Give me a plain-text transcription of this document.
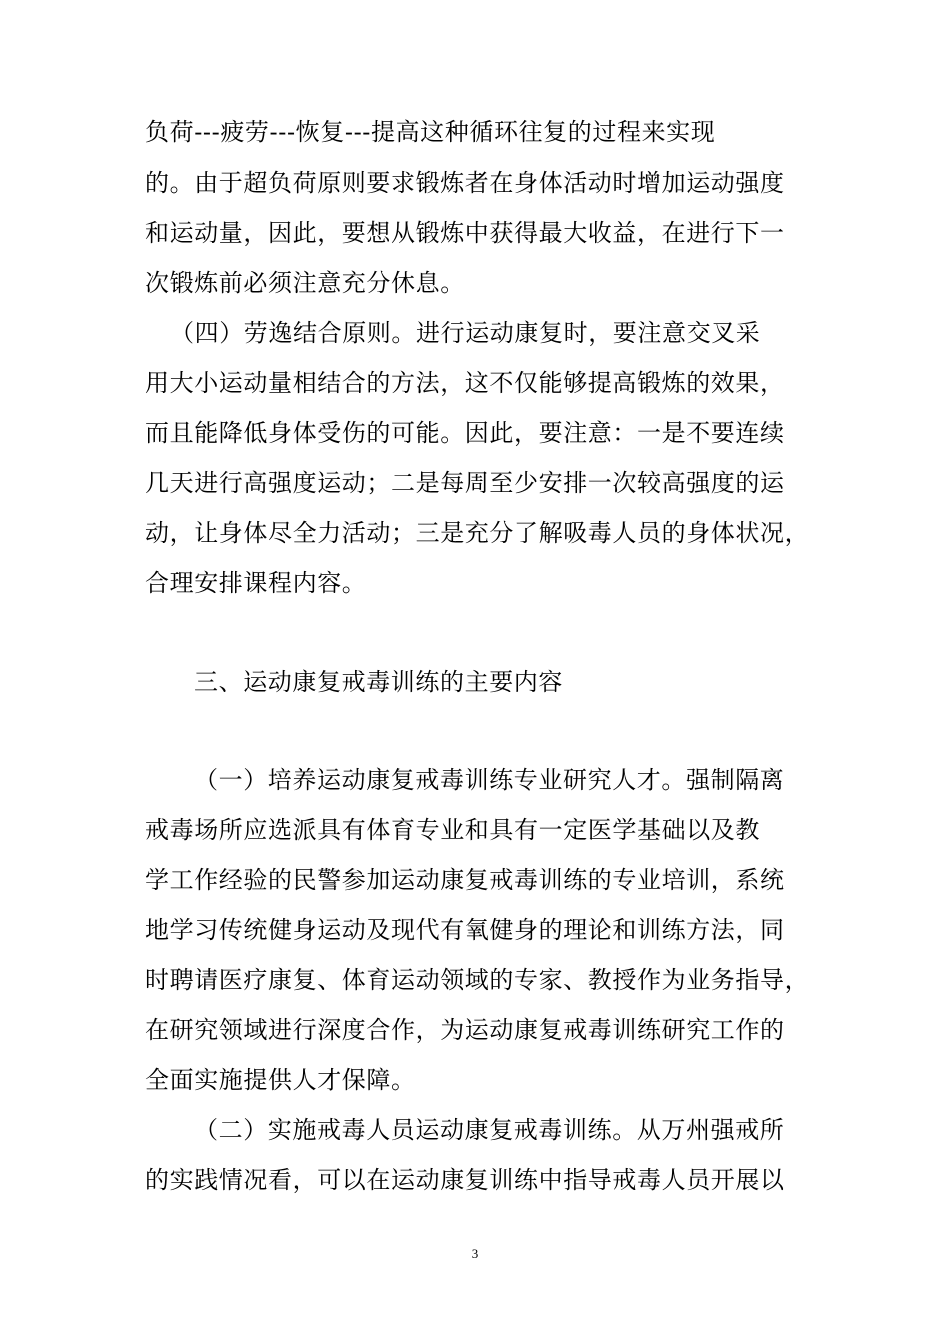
负荷---疲劳---恢复---提高这种循环往复的过程来实现
的。由于超负荷原则要求锻炼者在身体活动时增加运动强度
和运动量，因此，要想从锻炼中获得最大收益，在进行下一
次锻炼前必须注意充分休息。
（四）劳逸结合原则。进行运动康复时，要注意交叉采
用大小运动量相结合的方法，这不仅能够提高锻炼的效果，
而且能降低身体受伤的可能。因此，要注意：一是不要连续
几天进行高强度运动；二是每周至少安排一次较高强度的运
动，让身体尽全力活动；三是充分了解吸毒人员的身体状况，
合理安排课程内容。
三、运动康复戒毒训练的主要内容
（一）培养运动康复戒毒训练专业研究人才。强制隔离
戒毒场所应选派具有体育专业和具有一定医学基础以及教
学工作经验的民警参加运动康复戒毒训练的专业培训，系统
地学习传统健身运动及现代有氧健身的理论和训练方法，同
时聘请医疗康复、体育运动领域的专家、教授作为业务指导，
在研究领域进行深度合作，为运动康复戒毒训练研究工作的
全面实施提供人才保障。
（二）实施戒毒人员运动康复戒毒训练。从万州强戒所
的实践情况看，可以在运动康复训练中指导戒毒人员开展以
3
